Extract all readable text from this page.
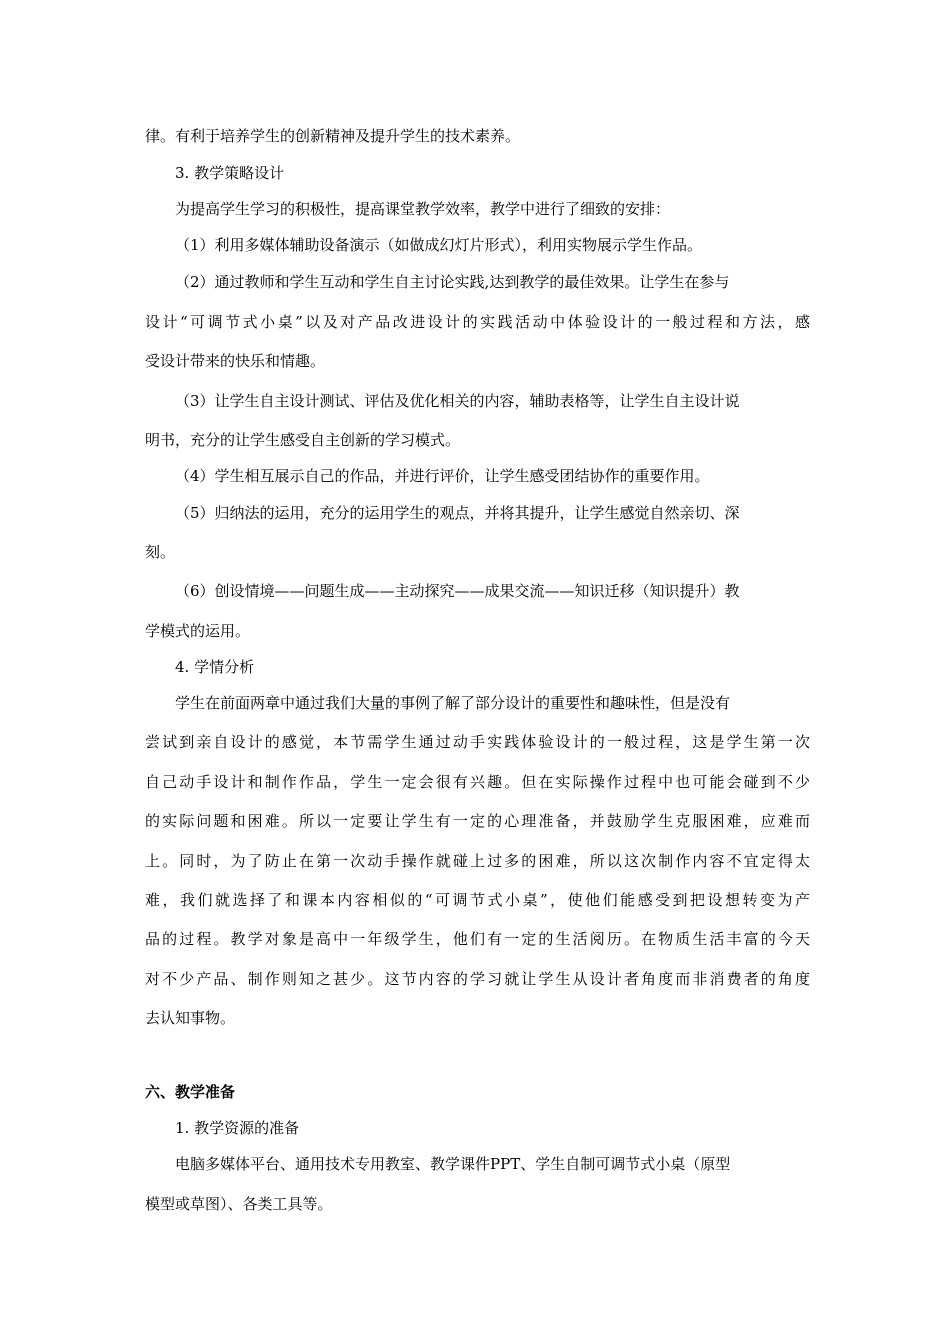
律。有利于培养学生的创新精神及提升学生的技术素养。
3. 教学策略设计
为提高学生学习的积极性，提高课堂教学效率，教学中进行了细致的安排：
（1）利用多媒体辅助设备演示（如做成幻灯片形式），利用实物展示学生作品。
（2）通过教师和学生互动和学生自主讨论实践,达到教学的最佳效果。让学生在参与
设计“可调节式小桌”以及对产品改进设计的实践活动中体验设计的一般过程和方法，感
受设计带来的快乐和情趣。
（3）让学生自主设计测试、评估及优化相关的内容，辅助表格等，让学生自主设计说
明书，充分的让学生感受自主创新的学习模式。
（4）学生相互展示自己的作品，并进行评价，让学生感受团结协作的重要作用。
（5）归纳法的运用，充分的运用学生的观点，并将其提升，让学生感觉自然亲切、深
刻。
（6）创设情境——问题生成——主动探究——成果交流——知识迁移（知识提升）教
学模式的运用。
4. 学情分析
学生在前面两章中通过我们大量的事例了解了部分设计的重要性和趣味性，但是没有
尝试到亲自设计的感觉，本节需学生通过动手实践体验设计的一般过程，这是学生第一次
自己动手设计和制作作品，学生一定会很有兴趣。但在实际操作过程中也可能会碰到不少
的实际问题和困难。所以一定要让学生有一定的心理准备，并鼓励学生克服困难，应难而
上。同时，为了防止在第一次动手操作就碰上过多的困难，所以这次制作内容不宜定得太
难，我们就选择了和课本内容相似的“可调节式小桌”，使他们能感受到把设想转变为产
品的过程。教学对象是高中一年级学生，他们有一定的生活阅历。在物质生活丰富的今天
对不少产品、制作则知之甚少。这节内容的学习就让学生从设计者角度而非消费者的角度
去认知事物。
六、教学准备
1. 教学资源的准备
电脑多媒体平台、通用技术专用教室、教学课件PPT、学生自制可调节式小桌（原型
模型或草图）、各类工具等。
